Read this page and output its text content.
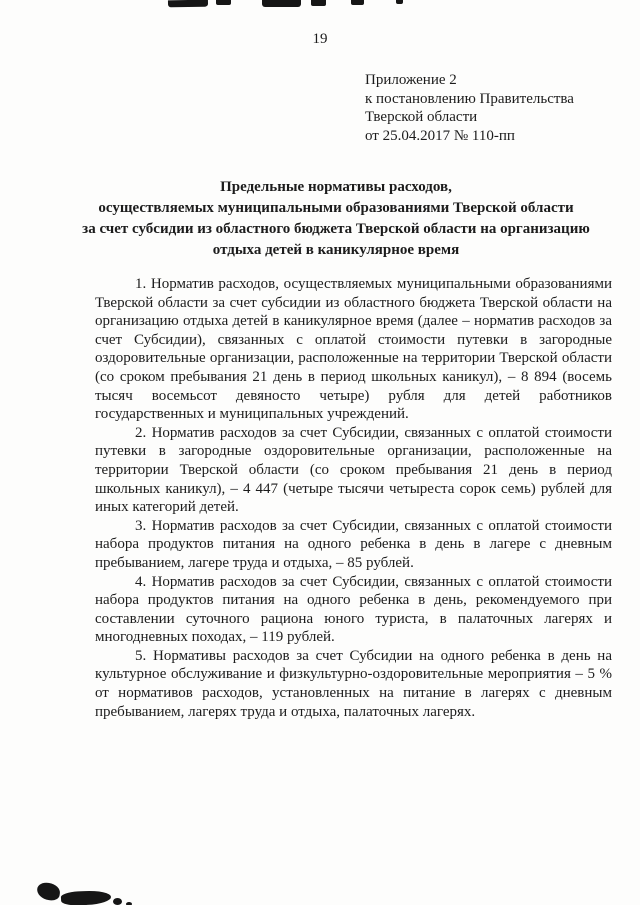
19
Приложение 2
к постановлению Правительства
Тверской области
от 25.04.2017 № 110-пп
Предельные нормативы расходов,
осуществляемых муниципальными образованиями Тверской области
за счет субсидии из областного бюджета Тверской области на организацию
отдыха детей в каникулярное время

1. Норматив расходов, осуществляемых муниципальными образованиями Тверской области за счет субсидии из областного бюджета Тверской области на организацию отдыха детей в каникулярное время (далее – норматив расходов за счет Субсидии), связанных с оплатой стоимости путевки в загородные оздоровительные организации, расположенные на территории Тверской области (со сроком пребывания 21 день в период школьных каникул), – 8 894 (восемь тысяч восемьсот девяносто четыре) рубля для детей работников государственных и муниципальных учреждений.

2. Норматив расходов за счет Субсидии, связанных с оплатой стоимости путевки в загородные оздоровительные организации, расположенные на территории Тверской области (со сроком пребывания 21 день в период школьных каникул), – 4 447 (четыре тысячи четыреста сорок семь) рублей для иных категорий детей.

3. Норматив расходов за счет Субсидии, связанных с оплатой стоимости набора продуктов питания на одного ребенка в день в лагере с дневным пребыванием, лагере труда и отдыха, – 85 рублей.

4. Норматив расходов за счет Субсидии, связанных с оплатой стоимости набора продуктов питания на одного ребенка в день, рекомендуемого при составлении суточного рациона юного туриста, в палаточных лагерях и многодневных походах, – 119 рублей.

5. Нормативы расходов за счет Субсидии на одного ребенка в день на культурное обслуживание и физкультурно-оздоровительные мероприятия – 5 % от нормативов расходов, установленных на питание в лагерях с дневным пребыванием, лагерях труда и отдыха, палаточных лагерях.
